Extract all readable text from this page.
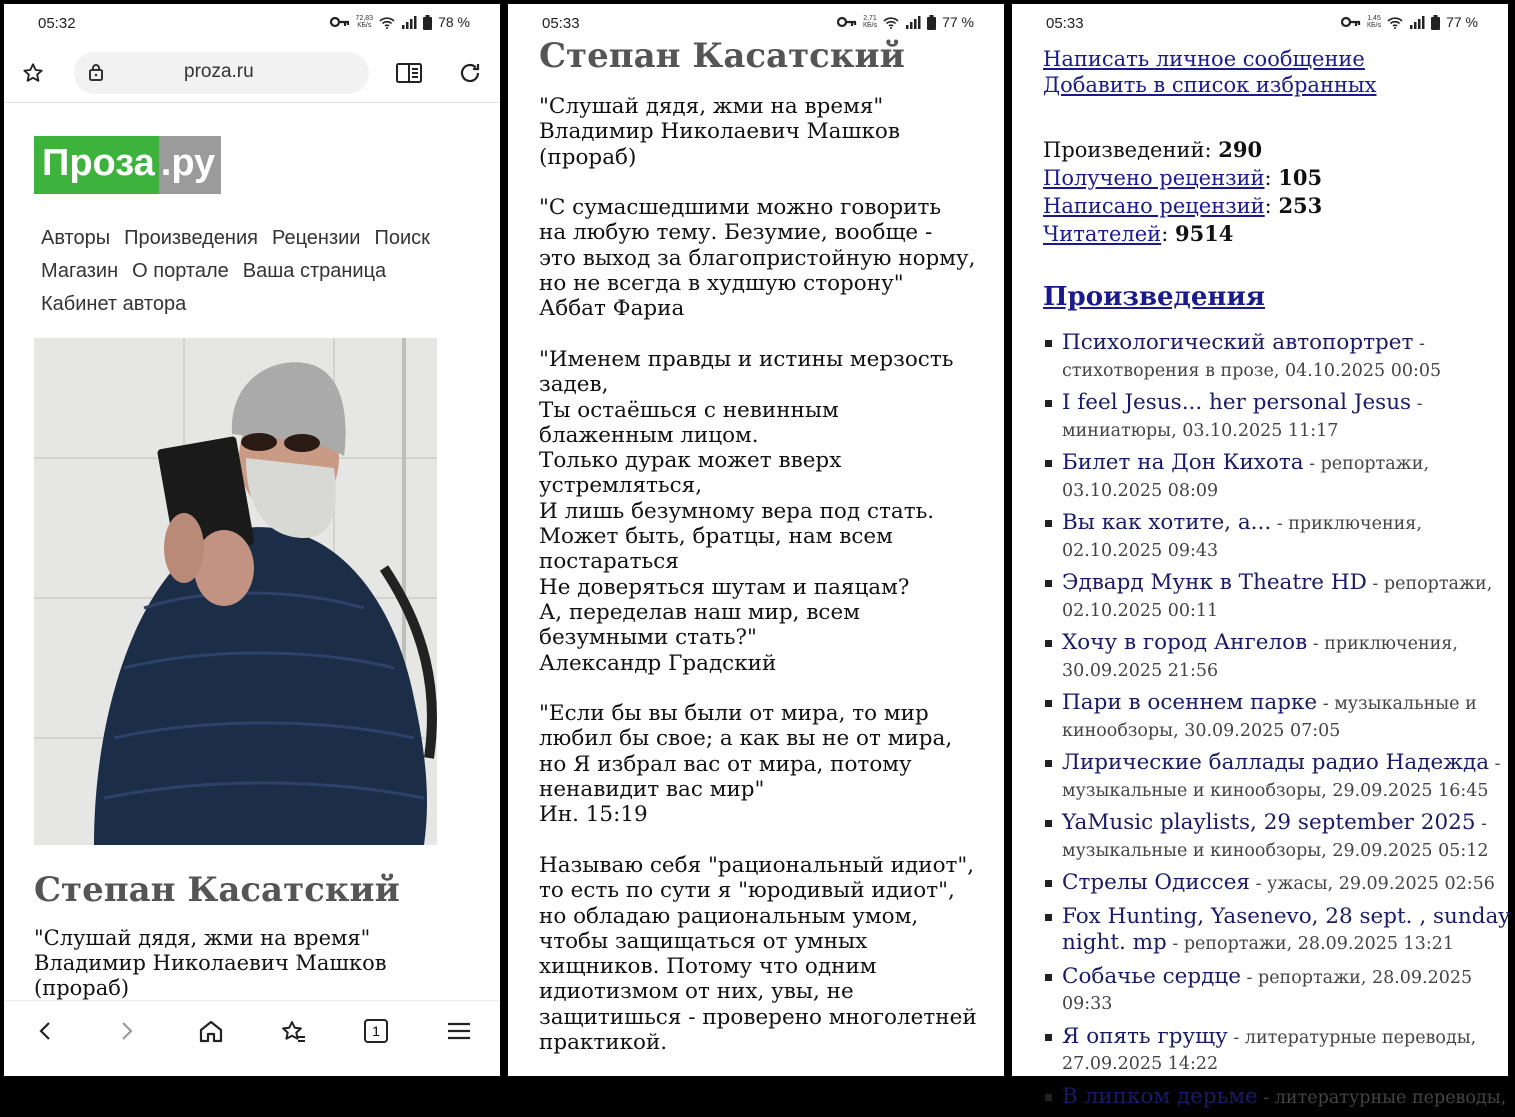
05:32	72,83
КБ/s	78 %
proza.ru
Проза .ру
Авторы Произведения Рецензии ПоискМагазин О портале Ваша страницаКабинет автора
Степан Касатский
"Слушай дядя, жми на время"
Владимир Николаевич Машков
(прораб)
1
05:33	2,71
КБ/s	77 %
Степан Касатский
"Слушай дядя, жми на время"
Владимир Николаевич Машков
(прораб)
"С сумасшедшими можно говорить
на любую тему. Безумие, вообще -
это выход за благопристойную норму,
но не всегда в худшую сторону"
Аббат Фариа
"Именем правды и истины мерзость
задев,
Ты остаёшься с невинным
блаженным лицом.
Только дурак может вверх
устремляться,
И лишь безумному вера под стать.
Может быть, братцы, нам всем
постараться
Не доверяться шутам и паяцам?
А, переделав наш мир, всем
безумными стать?"
Александр Градский
"Если бы вы были от мира, то мир
любил бы свое; а как вы не от мира,
но Я избрал вас от мира, потому
ненавидит вас мир"
Ин. 15:19
Называю себя "рациональный идиот",
то есть по сути я "юродивый идиот",
но обладаю рациональным умом,
чтобы защищаться от умных
хищников. Потому что одним
идиотизмом от них, увы, не
защитишься - проверено многолетней
практикой.
05:33	1,45
КБ/s	77 %
Написать личное сообщение
Добавить в список избранных
Произведений: 290
Получено рецензий: 105
Написано рецензий: 253
Читателей: 9514
Произведения
Психологический автопортрет - стихотворения в прозе, 04.10.2025 00:05
I feel Jesus... her personal Jesus - миниатюры, 03.10.2025 11:17
Билет на Дон Кихота - репортажи, 03.10.2025 08:09
Вы как хотите, а... - приключения, 02.10.2025 09:43
Эдвард Мунк в Theatre HD - репортажи, 02.10.2025 00:11
Хочу в город Ангелов - приключения, 30.09.2025 21:56
Пари в осеннем парке - музыкальные и кинообзоры, 30.09.2025 07:05
Лирические баллады радио Надежда - музыкальные и кинообзоры, 29.09.2025 16:45
YaMusic playlists, 29 september 2025 - музыкальные и кинообзоры, 29.09.2025 05:12
Стрелы Одиссея - ужасы, 29.09.2025 02:56
Fox Hunting, Yasenevo, 28 sept. , sunday night. mp - репортажи, 28.09.2025 13:21
Собачье сердце - репортажи, 28.09.2025 09:33
Я опять грущу - литературные переводы, 27.09.2025 14:22
В липком дерьме - литературные переводы,
